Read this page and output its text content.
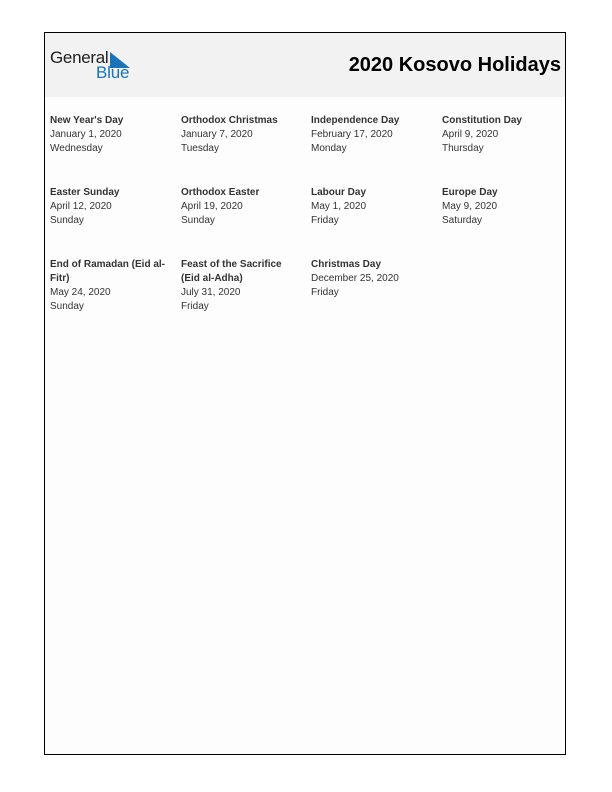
General
Blue	2020 Kosovo Holidays
New Year's Day
January 1, 2020
Wednesday
Orthodox Christmas
January 7, 2020
Tuesday
Independence Day
February 17, 2020
Monday
Constitution Day
April 9, 2020
Thursday
Easter Sunday
April 12, 2020
Sunday
Orthodox Easter
April 19, 2020
Sunday
Labour Day
May 1, 2020
Friday
Europe Day
May 9, 2020
Saturday
End of Ramadan (Eid al-Fitr)
May 24, 2020
Sunday
Feast of the Sacrifice (Eid al-Adha)
July 31, 2020
Friday
Christmas Day
December 25, 2020
Friday
